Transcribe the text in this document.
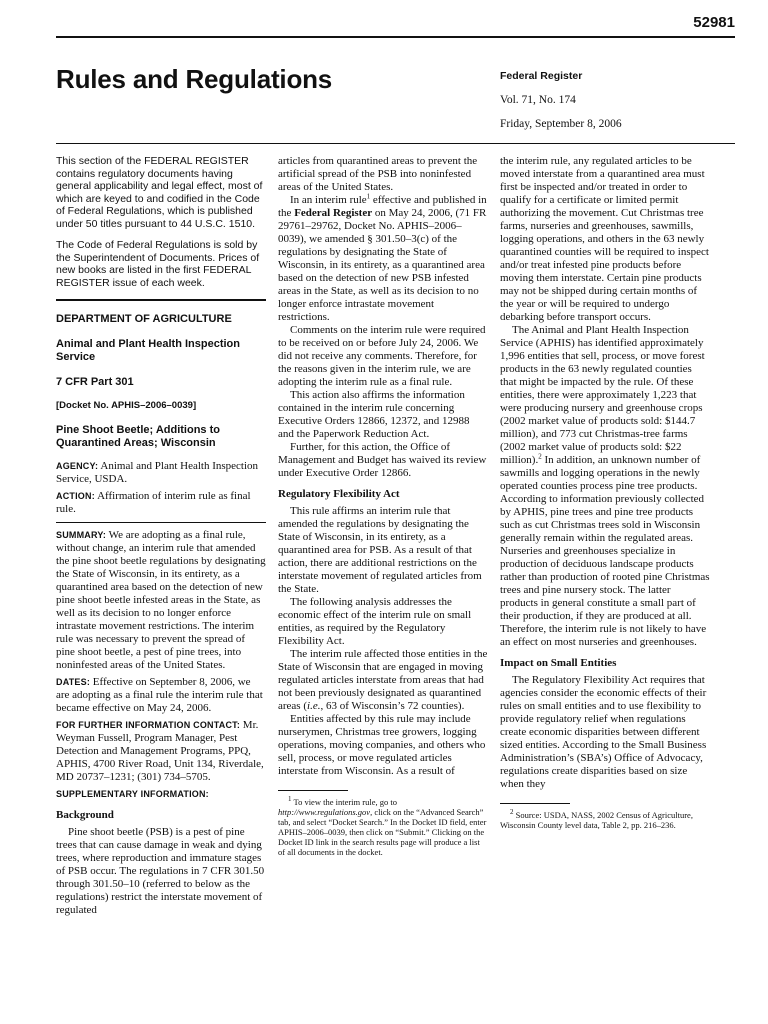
52981
Rules and Regulations	Federal Register
Vol. 71, No. 174
Friday, September 8, 2006

This section of the FEDERAL REGISTER contains regulatory documents having general applicability and legal effect, most of which are keyed to and codified in the Code of Federal Regulations, which is published under 50 titles pursuant to 44 U.S.C. 1510.

The Code of Federal Regulations is sold by the Superintendent of Documents. Prices of new books are listed in the first FEDERAL REGISTER issue of each week.

DEPARTMENT OF AGRICULTURE
Animal and Plant Health Inspection Service
7 CFR Part 301
[Docket No. APHIS–2006–0039]
Pine Shoot Beetle; Additions to Quarantined Areas; Wisconsin

AGENCY: Animal and Plant Health Inspection Service, USDA.

ACTION: Affirmation of interim rule as final rule.

SUMMARY: We are adopting as a final rule, without change, an interim rule that amended the pine shoot beetle regulations by designating the State of Wisconsin, in its entirety, as a quarantined area based on the detection of new pine shoot beetle infested areas in the State, as well as its decision to no longer enforce intrastate movement restrictions. The interim rule was necessary to prevent the spread of pine shoot beetle, a pest of pine trees, into noninfested areas of the United States.

DATES: Effective on September 8, 2006, we are adopting as a final rule the interim rule that became effective on May 24, 2006.

FOR FURTHER INFORMATION CONTACT: Mr. Weyman Fussell, Program Manager, Pest Detection and Management Programs, PPQ, APHIS, 4700 River Road, Unit 134, Riverdale, MD 20737–1231; (301) 734–5705.

SUPPLEMENTARY INFORMATION:

Background

Pine shoot beetle (PSB) is a pest of pine trees that can cause damage in weak and dying trees, where reproduction and immature stages of PSB occur. The regulations in 7 CFR 301.50 through 301.50–10 (referred to below as the regulations) restrict the interstate movement of regulated

articles from quarantined areas to prevent the artificial spread of the PSB into noninfested areas of the United States.

In an interim rule$^1$ effective and published in the Federal Register on May 24, 2006, (71 FR 29761–29762, Docket No. APHIS–2006–0039), we amended § 301.50–3(c) of the regulations by designating the State of Wisconsin, in its entirety, as a quarantined area based on the detection of new PSB infested areas in the State, as well as its decision to no longer enforce intrastate movement restrictions.

Comments on the interim rule were required to be received on or before July 24, 2006. We did not receive any comments. Therefore, for the reasons given in the interim rule, we are adopting the interim rule as a final rule.

This action also affirms the information contained in the interim rule concerning Executive Orders 12866, 12372, and 12988 and the Paperwork Reduction Act.

Further, for this action, the Office of Management and Budget has waived its review under Executive Order 12866.

Regulatory Flexibility Act

This rule affirms an interim rule that amended the regulations by designating the State of Wisconsin, in its entirety, as a quarantined area for PSB. As a result of that action, there are additional restrictions on the interstate movement of regulated articles from the State.

The following analysis addresses the economic effect of the interim rule on small entities, as required by the Regulatory Flexibility Act.

The interim rule affected those entities in the State of Wisconsin that are engaged in moving regulated articles interstate from areas that had not been previously designated as quarantined areas (i.e., 63 of Wisconsin’s 72 counties).

Entities affected by this rule may include nurserymen, Christmas tree growers, logging operations, moving companies, and others who sell, process, or move regulated articles interstate from Wisconsin. As a result of

$^1$ To view the interim rule, go to http://www.regulations.gov, click on the “Advanced Search” tab, and select “Docket Search.” In the Docket ID field, enter APHIS–2006–0039, then click on “Submit.” Clicking on the Docket ID link in the search results page will produce a list of all documents in the docket.

the interim rule, any regulated articles to be moved interstate from a quarantined area must first be inspected and/or treated in order to qualify for a certificate or limited permit authorizing the movement. Cut Christmas tree farms, nurseries and greenhouses, sawmills, logging operations, and others in the 63 newly quarantined counties will be required to inspect and/or treat infested pine products before moving them interstate. Certain pine products may not be shipped during certain months of the year or will be required to undergo debarking before transport occurs.

The Animal and Plant Health Inspection Service (APHIS) has identified approximately 1,996 entities that sell, process, or move forest products in the 63 newly regulated counties that might be impacted by the rule. Of these entities, there were approximately 1,223 that were producing nursery and greenhouse crops (2002 market value of products sold: $144.7 million), and 773 cut Christmas-tree farms (2002 market value of products sold: $22 million).$^2$ In addition, an unknown number of sawmills and logging operations in the newly operated counties process pine tree products. According to information previously collected by APHIS, pine trees and pine tree products such as cut Christmas trees sold in Wisconsin generally remain within the regulated areas. Nurseries and greenhouses specialize in production of deciduous landscape products rather than production of rooted pine Christmas trees and pine nursery stock. The latter products in general constitute a small part of their production, if they are produced at all. Therefore, the interim rule is not likely to have an effect on most nurseries and greenhouses.

Impact on Small Entities

The Regulatory Flexibility Act requires that agencies consider the economic effects of their rules on small entities and to use flexibility to provide regulatory relief when regulations create economic disparities between different sized entities. According to the Small Business Administration’s (SBA’s) Office of Advocacy, regulations create disparities based on size when they

$^2$ Source: USDA, NASS, 2002 Census of Agriculture, Wisconsin County level data, Table 2, pp. 216–236.
